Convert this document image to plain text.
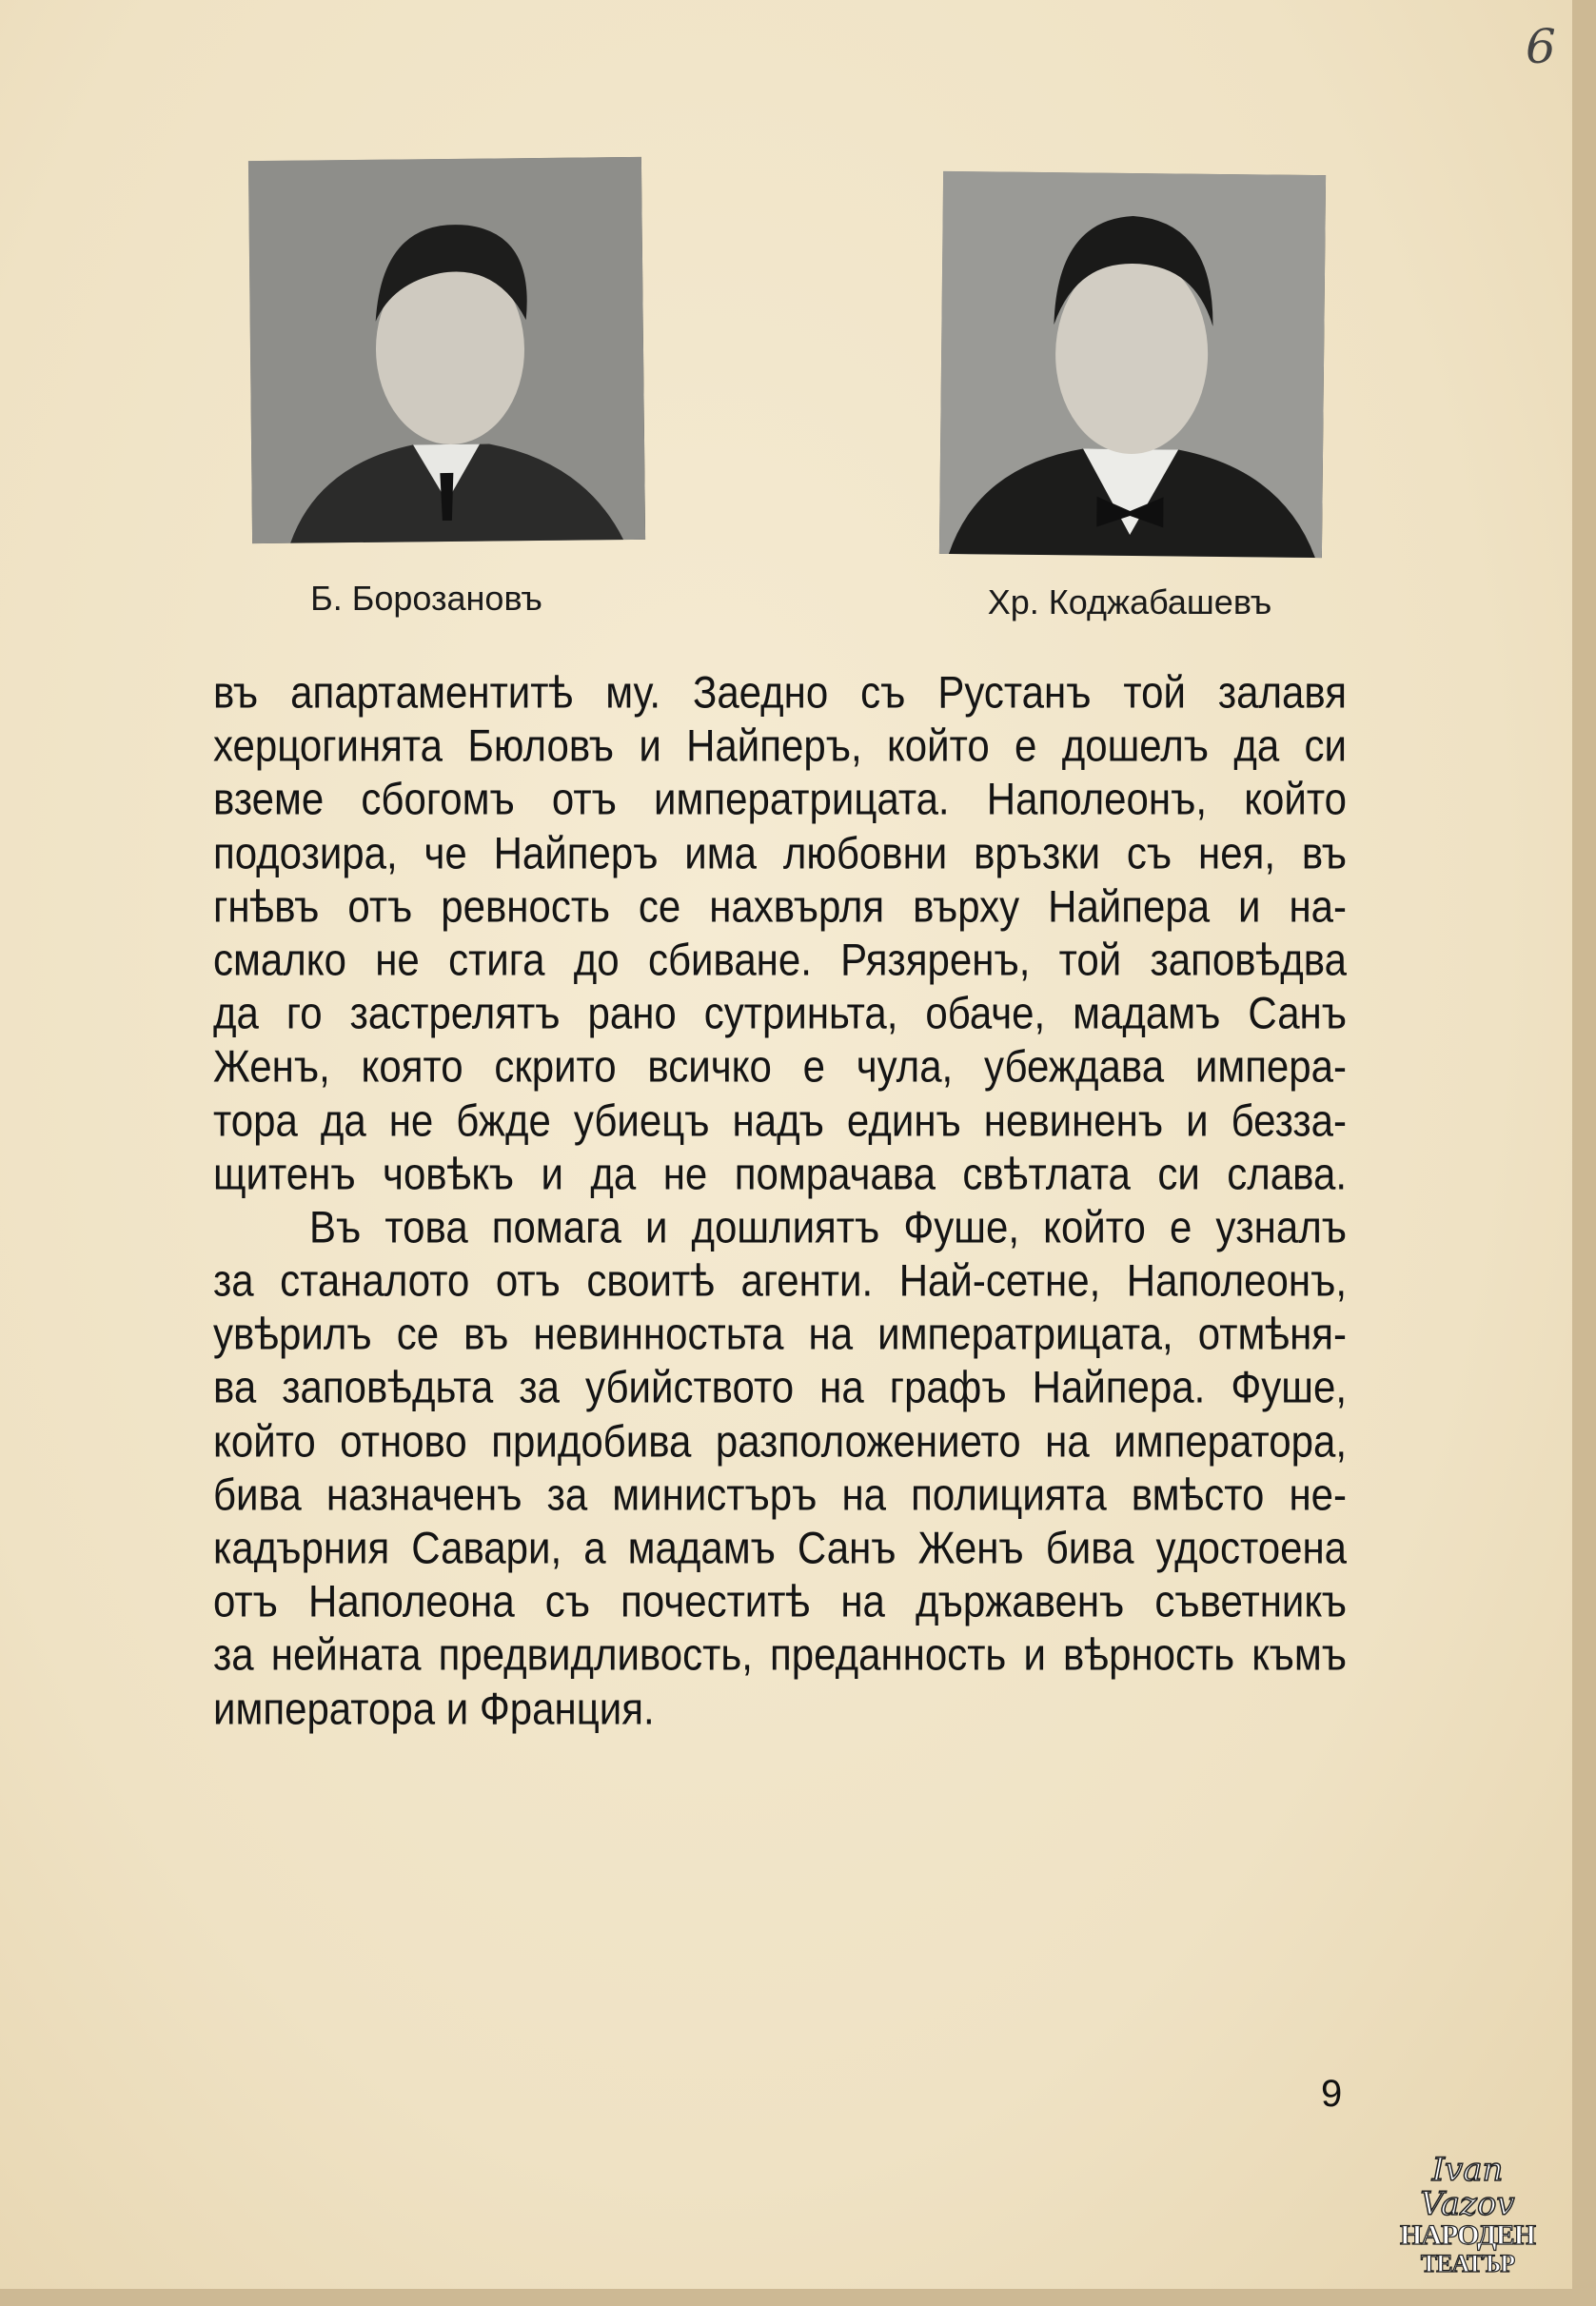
6
Б. Борозановъ	Хр. Коджабашевъ
въ апартаментитѣ му. Заедно съ Рустанъ той залавя
херцогинята Бюловъ и Найперъ, който е дошелъ да си
вземе сбогомъ отъ императрицата. Наполеонъ, който
подозира, че Найперъ има любовни връзки съ нея, въ
гнѣвъ отъ ревность се нахвърля върху Найпера и на-
смалко не стига до сбиване. Рязяренъ, той заповѣдва
да го застрелятъ рано сутриньта, обаче, мадамъ Санъ
Женъ, която скрито всичко е чула, убеждава импера-
тора да не бжде убиецъ надъ единъ невиненъ и безза-
щитенъ човѣкъ и да не помрачава свѣтлата си слава.
Въ това помага и дошлиятъ Фуше, който е узналъ
за станалото отъ своитѣ агенти. Най-сетне, Наполеонъ,
увѣрилъ се въ невинностьта на императрицата, отмѣня-
ва заповѣдьта за убийството на графъ Найпера. Фуше,
който отново придобива разположението на императора,
бива назначенъ за министъръ на полицията вмѣсто не-
кадърния Савари, а мадамъ Санъ Женъ бива удостоена
отъ Наполеона съ почеститѣ на държавенъ съветникъ
за нейната предвидливость, преданность и вѣрность къмъ
императора и Франция.
9
Ivan Vazov
НАРОДЕН
ТЕАТЪР
